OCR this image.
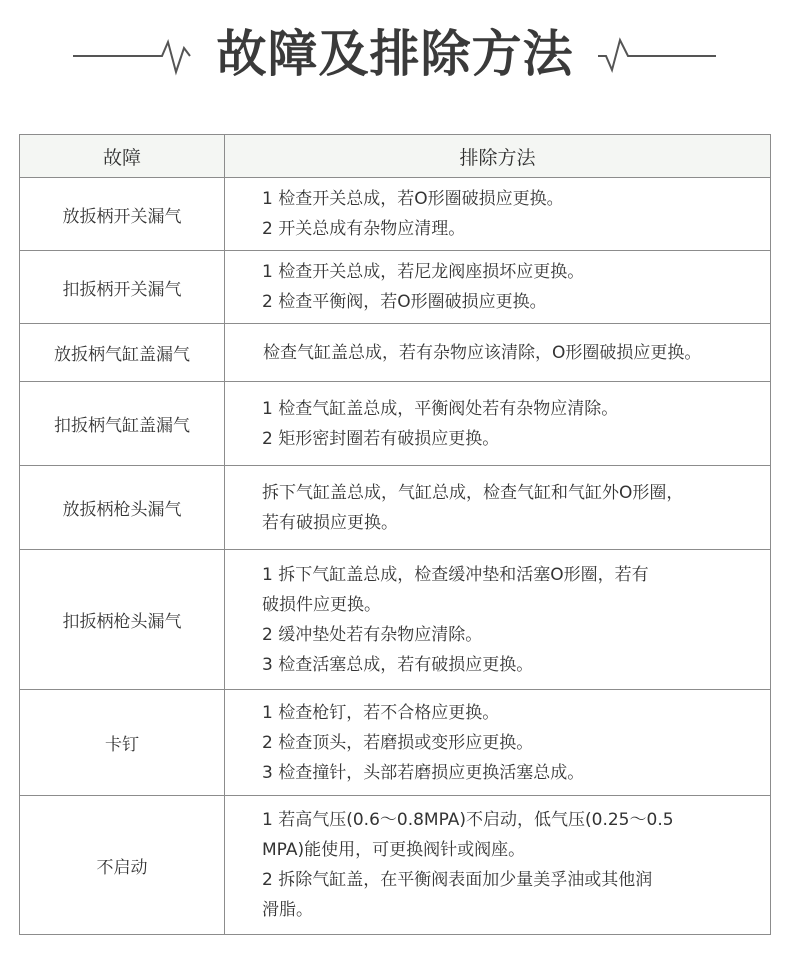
故障及排除方法
故障	排除方法
放扳柄开关漏气	1 检查开关总成，若O形圈破损应更换。
2 开关总成有杂物应清理。

扣扳柄开关漏气	1 检查开关总成，若尼龙阀座损坏应更换。
2 检查平衡阀，若O形圈破损应更换。

放扳柄气缸盖漏气	检查气缸盖总成，若有杂物应该清除，O形圈破损应更换。

扣扳柄气缸盖漏气	1 检查气缸盖总成，平衡阀处若有杂物应清除。
2 矩形密封圈若有破损应更换。

放扳柄枪头漏气	拆下气缸盖总成，气缸总成，检查气缸和气缸外O形圈，
若有破损应更换。

扣扳柄枪头漏气	1 拆下气缸盖总成，检查缓冲垫和活塞O形圈，若有
破损件应更换。
2 缓冲垫处若有杂物应清除。
3 检查活塞总成，若有破损应更换。

卡钉	1 检查枪钉，若不合格应更换。
2 检查顶头，若磨损或变形应更换。
3 检查撞针，头部若磨损应更换活塞总成。

不启动	1 若高气压(0.6～0.8MPA)不启动，低气压(0.25～0.5
MPA)能使用，可更换阀针或阀座。
2 拆除气缸盖，在平衡阀表面加少量美孚油或其他润
滑脂。
